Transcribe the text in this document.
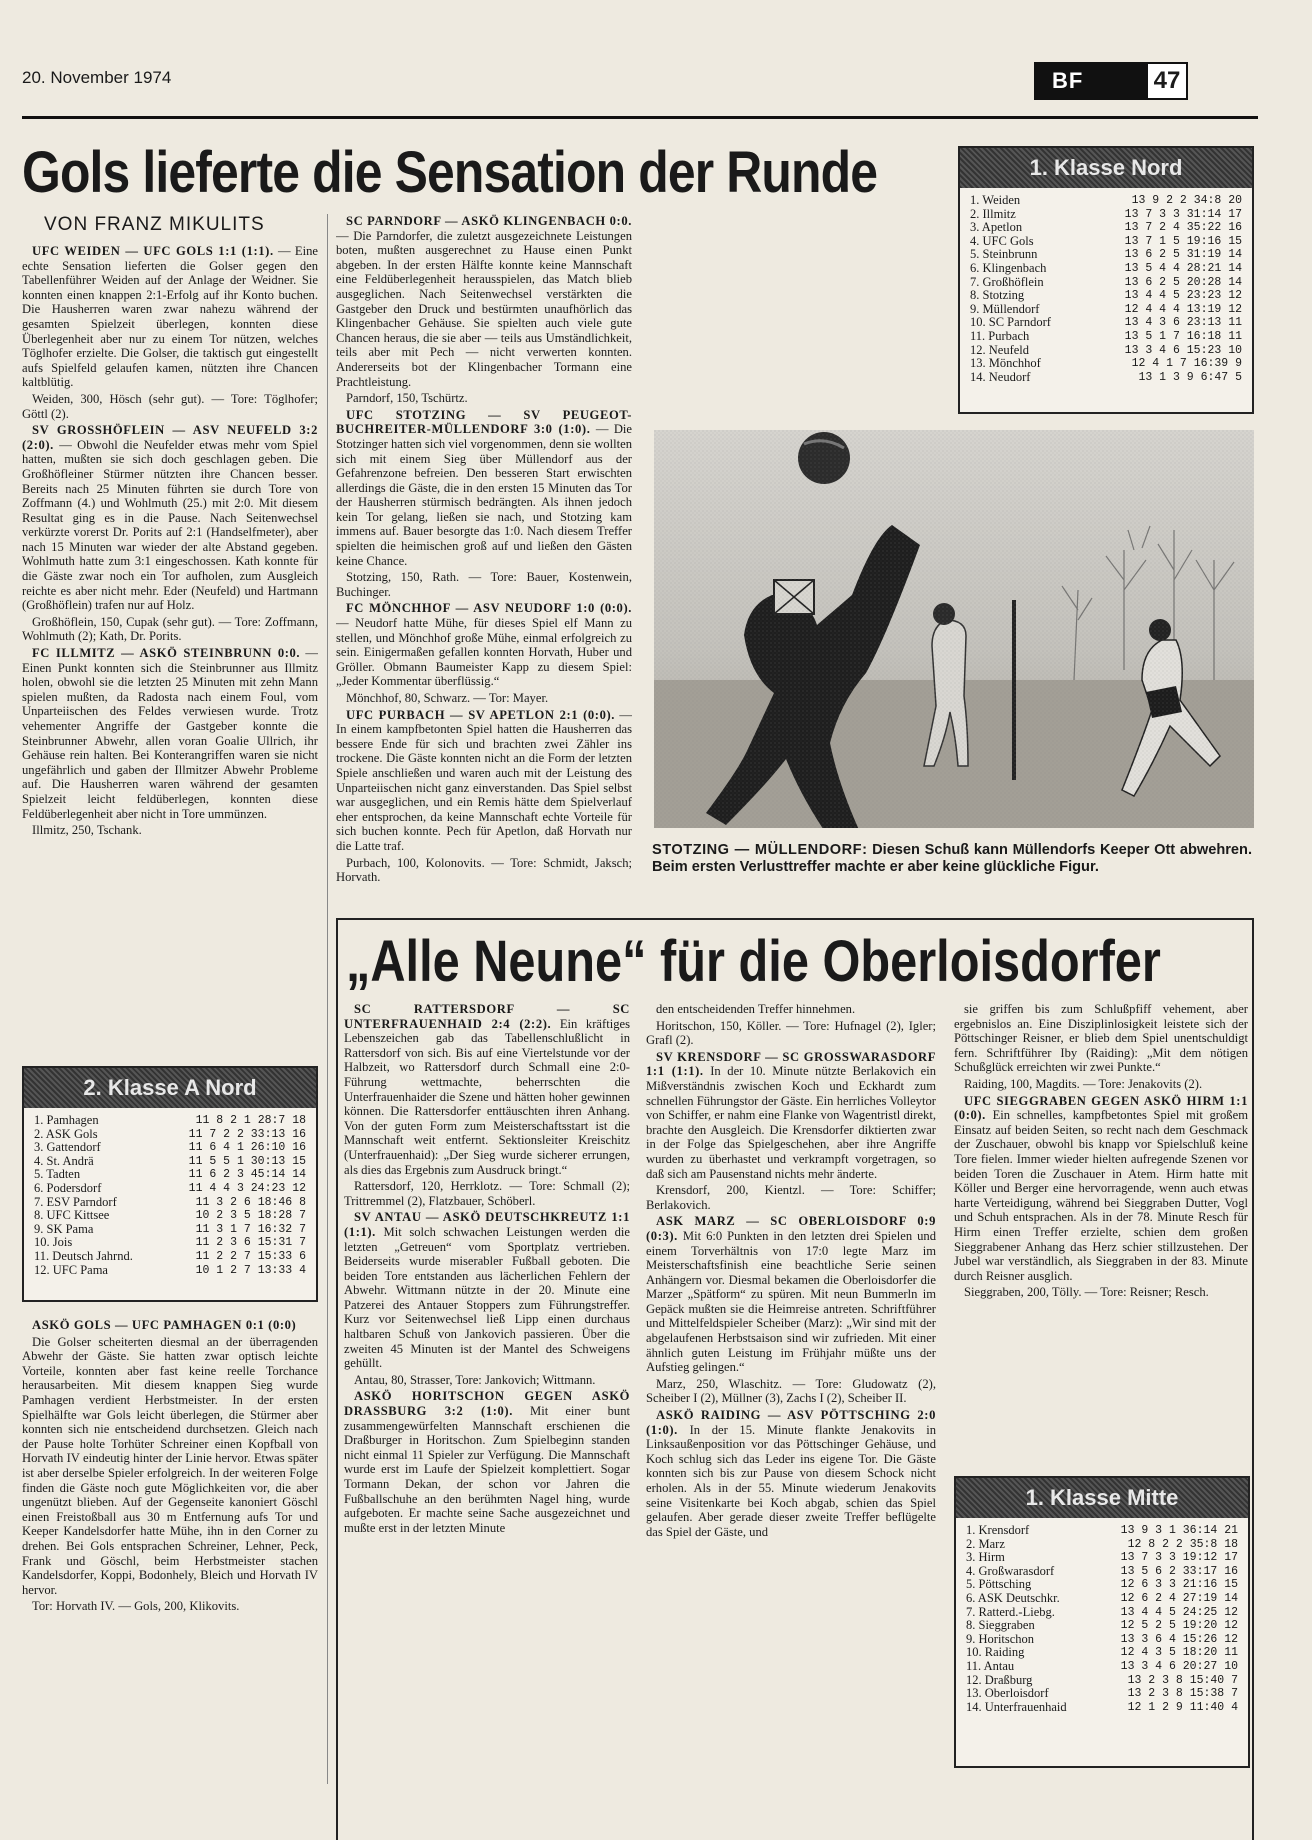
20. November 1974	BF	47
Gols lieferte die Sensation der Runde
VON FRANZ MIKULITS

UFC WEIDEN — UFC GOLS 1:1 (1:1). — Eine echte Sensation lieferten die Golser gegen den Tabellenführer Weiden auf der Anlage der Weidner. Sie konnten einen knappen 2:1-Erfolg auf ihr Konto buchen. Die Hausherren waren zwar nahezu während der gesamten Spielzeit überlegen, konnten diese Überlegenheit aber nur zu einem Tor nützen, welches Töglhofer erzielte. Die Golser, die taktisch gut eingestellt aufs Spielfeld gelaufen kamen, nützten ihre Chancen kaltblütig.

Weiden, 300, Hösch (sehr gut). — Tore: Töglhofer; Göttl (2).

SV GROSSHÖFLEIN — ASV NEUFELD 3:2 (2:0). — Obwohl die Neufelder etwas mehr vom Spiel hatten, mußten sie sich doch geschlagen geben. Die Großhöfleiner Stürmer nützten ihre Chancen besser. Bereits nach 25 Minuten führten sie durch Tore von Zoffmann (4.) und Wohlmuth (25.) mit 2:0. Mit diesem Resultat ging es in die Pause. Nach Seitenwechsel verkürzte vorerst Dr. Porits auf 2:1 (Handselfmeter), aber nach 15 Minuten war wieder der alte Abstand gegeben. Wohlmuth hatte zum 3:1 eingeschossen. Kath konnte für die Gäste zwar noch ein Tor aufholen, zum Ausgleich reichte es aber nicht mehr. Eder (Neufeld) und Hartmann (Großhöflein) trafen nur auf Holz.

Großhöflein, 150, Cupak (sehr gut). — Tore: Zoffmann, Wohlmuth (2); Kath, Dr. Porits.

FC ILLMITZ — ASKÖ STEINBRUNN 0:0. — Einen Punkt konnten sich die Steinbrunner aus Illmitz holen, obwohl sie die letzten 25 Minuten mit zehn Mann spielen mußten, da Radosta nach einem Foul, vom Unparteiischen des Feldes verwiesen wurde. Trotz vehementer Angriffe der Gastgeber konnte die Steinbrunner Abwehr, allen voran Goalie Ullrich, ihr Gehäuse rein halten. Bei Konterangriffen waren sie nicht ungefährlich und gaben der Illmitzer Abwehr Probleme auf. Die Hausherren waren während der gesamten Spielzeit leicht feldüberlegen, konnten diese Feldüberlegenheit aber nicht in Tore ummünzen.

Illmitz, 250, Tschank.

SC PARNDORF — ASKÖ KLINGENBACH 0:0. — Die Parndorfer, die zuletzt ausgezeichnete Leistungen boten, mußten ausgerechnet zu Hause einen Punkt abgeben. In der ersten Hälfte konnte keine Mannschaft eine Feldüberlegenheit herausspielen, das Match blieb ausgeglichen. Nach Seitenwechsel verstärkten die Gastgeber den Druck und bestürmten unaufhörlich das Klingenbacher Gehäuse. Sie spielten auch viele gute Chancen heraus, die sie aber — teils aus Umständlichkeit, teils aber mit Pech — nicht verwerten konnten. Andererseits bot der Klingenbacher Tormann eine Prachtleistung.

Parndorf, 150, Tschürtz.

UFC STOTZING — SV PEUGEOT-BUCHREITER-MÜLLENDORF 3:0 (1:0). — Die Stotzinger hatten sich viel vorgenommen, denn sie wollten sich mit einem Sieg über Müllendorf aus der Gefahrenzone befreien. Den besseren Start erwischten allerdings die Gäste, die in den ersten 15 Minuten das Tor der Hausherren stürmisch bedrängten. Als ihnen jedoch kein Tor gelang, ließen sie nach, und Stotzing kam immens auf. Bauer besorgte das 1:0. Nach diesem Treffer spielten die heimischen groß auf und ließen den Gästen keine Chance.

Stotzing, 150, Rath. — Tore: Bauer, Kostenwein, Buchinger.

FC MÖNCHHOF — ASV NEUDORF 1:0 (0:0). — Neudorf hatte Mühe, für dieses Spiel elf Mann zu stellen, und Mönchhof große Mühe, einmal erfolgreich zu sein. Einigermaßen gefallen konnten Horvath, Huber und Gröller. Obmann Baumeister Kapp zu diesem Spiel: „Jeder Kommentar überflüssig.“

Mönchhof, 80, Schwarz. — Tor: Mayer.

UFC PURBACH — SV APETLON 2:1 (0:0). — In einem kampfbetonten Spiel hatten die Hausherren das bessere Ende für sich und brachten zwei Zähler ins trockene. Die Gäste konnten nicht an die Form der letzten Spiele anschließen und waren auch mit der Leistung des Unparteiischen nicht ganz einverstanden. Das Spiel selbst war ausgeglichen, und ein Remis hätte dem Spielverlauf eher entsprochen, da keine Mannschaft echte Vorteile für sich buchen konnte. Pech für Apetlon, daß Horvath nur die Latte traf.

Purbach, 100, Kolonovits. — Tore: Schmidt, Jaksch; Horvath.

1. Klasse Nord
1. Weiden	13 9 2 2 34:8 20
2. Illmitz	13 7 3 3 31:14 17
3. Apetlon	13 7 2 4 35:22 16
4. UFC Gols	13 7 1 5 19:16 15
5. Steinbrunn	13 6 2 5 31:19 14
6. Klingenbach	13 5 4 4 28:21 14
7. Großhöflein	13 6 2 5 20:28 14
8. Stotzing	13 4 4 5 23:23 12
9. Müllendorf	12 4 4 4 13:19 12
10. SC Parndorf	13 4 3 6 23:13 11
11. Purbach	13 5 1 7 16:18 11
12. Neufeld	13 3 4 6 15:23 10
13. Mönchhof	12 4 1 7 16:39 9
14. Neudorf	13 1 3 9 6:47 5
STOTZING — MÜLLENDORF: Diesen Schuß kann Müllendorfs Keeper Ott abwehren. Beim ersten Verlusttreffer machte er aber keine glückliche Figur.
2. Klasse A Nord
1. Pamhagen	11 8 2 1 28:7 18
2. ASK Gols	11 7 2 2 33:13 16
3. Gattendorf	11 6 4 1 26:10 16
4. St. Andrä	11 5 5 1 30:13 15
5. Tadten	11 6 2 3 45:14 14
6. Podersdorf	11 4 4 3 24:23 12
7. ESV Parndorf	11 3 2 6 18:46 8
8. UFC Kittsee	10 2 3 5 18:28 7
9. SK Pama	11 3 1 7 16:32 7
10. Jois	11 2 3 6 15:31 7
11. Deutsch Jahrnd.	11 2 2 7 15:33 6
12. UFC Pama	10 1 2 7 13:33 4

ASKÖ GOLS — UFC PAMHAGEN 0:1 (0:0)

Die Golser scheiterten diesmal an der überragenden Abwehr der Gäste. Sie hatten zwar optisch leichte Vorteile, konnten aber fast keine reelle Torchance herausarbeiten. Mit diesem knappen Sieg wurde Pamhagen verdient Herbstmeister. In der ersten Spielhälfte war Gols leicht überlegen, die Stürmer aber konnten sich nie entscheidend durchsetzen. Gleich nach der Pause holte Torhüter Schreiner einen Kopfball von Horvath IV eindeutig hinter der Linie hervor. Etwas später ist aber derselbe Spieler erfolgreich. In der weiteren Folge finden die Gäste noch gute Möglichkeiten vor, die aber ungenützt blieben. Auf der Gegenseite kanoniert Göschl einen Freistoßball aus 30 m Entfernung aufs Tor und Keeper Kandelsdorfer hatte Mühe, ihn in den Corner zu drehen. Bei Gols entsprachen Schreiner, Lehner, Peck, Frank und Göschl, beim Herbstmeister stachen Kandelsdorfer, Koppi, Bodonhely, Bleich und Horvath IV hervor.

Tor: Horvath IV. — Gols, 200, Klikovits.

„Alle Neune“ für die Oberloisdorfer

SC RATTERSDORF — SC UNTERFRAUENHAID 2:4 (2:2). Ein kräftiges Lebenszeichen gab das Tabellenschlußlicht in Rattersdorf von sich. Bis auf eine Viertelstunde vor der Halbzeit, wo Rattersdorf durch Schmall eine 2:0-Führung wettmachte, beherrschten die Unterfrauenhaider die Szene und hätten hoher gewinnen können. Die Rattersdorfer enttäuschten ihren Anhang. Von der guten Form zum Meisterschaftsstart ist die Mannschaft weit entfernt. Sektionsleiter Kreischitz (Unterfrauenhaid): „Der Sieg wurde sicherer errungen, als dies das Ergebnis zum Ausdruck bringt.“

Rattersdorf, 120, Herrklotz. — Tore: Schmall (2); Trittremmel (2), Flatzbauer, Schöberl.

SV ANTAU — ASKÖ DEUTSCHKREUTZ 1:1 (1:1). Mit solch schwachen Leistungen werden die letzten „Getreuen“ vom Sportplatz vertrieben. Beiderseits wurde miserabler Fußball geboten. Die beiden Tore entstanden aus lächerlichen Fehlern der Abwehr. Wittmann nützte in der 20. Minute eine Patzerei des Antauer Stoppers zum Führungstreffer. Kurz vor Seitenwechsel ließ Lipp einen durchaus haltbaren Schuß von Jankovich passieren. Über die zweiten 45 Minuten ist der Mantel des Schweigens gehüllt.

Antau, 80, Strasser, Tore: Jankovich; Wittmann.

ASKÖ HORITSCHON GEGEN ASKÖ DRASSBURG 3:2 (1:0). Mit einer bunt zusammengewürfelten Mannschaft erschienen die Draßburger in Horitschon. Zum Spielbeginn standen nicht einmal 11 Spieler zur Verfügung. Die Mannschaft wurde erst im Laufe der Spielzeit komplettiert. Sogar Tormann Dekan, der schon vor Jahren die Fußballschuhe an den berühmten Nagel hing, wurde aufgeboten. Er machte seine Sache ausgezeichnet und mußte erst in der letzten Minute

den entscheidenden Treffer hinnehmen.

Horitschon, 150, Köller. — Tore: Hufnagel (2), Igler; Grafl (2).

SV KRENSDORF — SC GROSSWARASDORF 1:1 (1:1). In der 10. Minute nützte Berlakovich ein Mißverständnis zwischen Koch und Eckhardt zum schnellen Führungstor der Gäste. Ein herrliches Volleytor von Schiffer, er nahm eine Flanke von Wagentristl direkt, brachte den Ausgleich. Die Krensdorfer diktierten zwar in der Folge das Spielgeschehen, aber ihre Angriffe wurden zu überhastet und verkrampft vorgetragen, so daß sich am Pausenstand nichts mehr änderte.

Krensdorf, 200, Kientzl. — Tore: Schiffer; Berlakovich.

ASK MARZ — SC OBERLOISDORF 0:9 (0:3). Mit 6:0 Punkten in den letzten drei Spielen und einem Torverhältnis von 17:0 legte Marz im Meisterschaftsfinish eine beachtliche Serie seinen Anhängern vor. Diesmal bekamen die Oberloisdorfer die Marzer „Spätform“ zu spüren. Mit neun Bummerln im Gepäck mußten sie die Heimreise antreten. Schriftführer und Mittelfeldspieler Scheiber (Marz): „Wir sind mit der abgelaufenen Herbstsaison sind wir zufrieden. Mit einer ähnlich guten Leistung im Frühjahr müßte uns der Aufstieg gelingen.“

Marz, 250, Wlaschitz. — Tore: Gludowatz (2), Scheiber I (2), Müllner (3), Zachs I (2), Scheiber II.

ASKÖ RAIDING — ASV PÖTTSCHING 2:0 (1:0). In der 15. Minute flankte Jenakovits in Linksaußenposition vor das Pöttschinger Gehäuse, und Koch schlug sich das Leder ins eigene Tor. Die Gäste konnten sich bis zur Pause von diesem Schock nicht erholen. Als in der 55. Minute wiederum Jenakovits seine Visitenkarte bei Koch abgab, schien das Spiel gelaufen. Aber gerade dieser zweite Treffer beflügelte das Spiel der Gäste, und

sie griffen bis zum Schlußpfiff vehement, aber ergebnislos an. Eine Disziplinlosigkeit leistete sich der Pöttschinger Reisner, er blieb dem Spiel unentschuldigt fern. Schriftführer Iby (Raiding): „Mit dem nötigen Schußglück erreichten wir zwei Punkte.“

Raiding, 100, Magdits. — Tore: Jenakovits (2).

UFC SIEGGRABEN GEGEN ASKÖ HIRM 1:1 (0:0). Ein schnelles, kampfbetontes Spiel mit großem Einsatz auf beiden Seiten, so recht nach dem Geschmack der Zuschauer, obwohl bis knapp vor Spielschluß keine Tore fielen. Immer wieder hielten aufregende Szenen vor beiden Toren die Zuschauer in Atem. Hirm hatte mit Köller und Berger eine hervorragende, wenn auch etwas harte Verteidigung, während bei Sieggraben Dutter, Vogl und Schuh entsprachen. Als in der 78. Minute Resch für Hirm einen Treffer erzielte, schien dem großen Sieggrabener Anhang das Herz schier stillzustehen. Der Jubel war verständlich, als Sieggraben in der 83. Minute durch Reisner ausglich.

Sieggraben, 200, Tölly. — Tore: Reisner; Resch.

1. Klasse Mitte
1. Krensdorf	13 9 3 1 36:14 21
2. Marz	12 8 2 2 35:8 18
3. Hirm	13 7 3 3 19:12 17
4. Großwarasdorf	13 5 6 2 33:17 16
5. Pöttsching	12 6 3 3 21:16 15
6. ASK Deutschkr.	12 6 2 4 27:19 14
7. Ratterd.-Liebg.	13 4 4 5 24:25 12
8. Sieggraben	12 5 2 5 19:20 12
9. Horitschon	13 3 6 4 15:26 12
10. Raiding	12 4 3 5 18:20 11
11. Antau	13 3 4 6 20:27 10
12. Draßburg	13 2 3 8 15:40 7
13. Oberloisdorf	13 2 3 8 15:38 7
14. Unterfrauenhaid	12 1 2 9 11:40 4
